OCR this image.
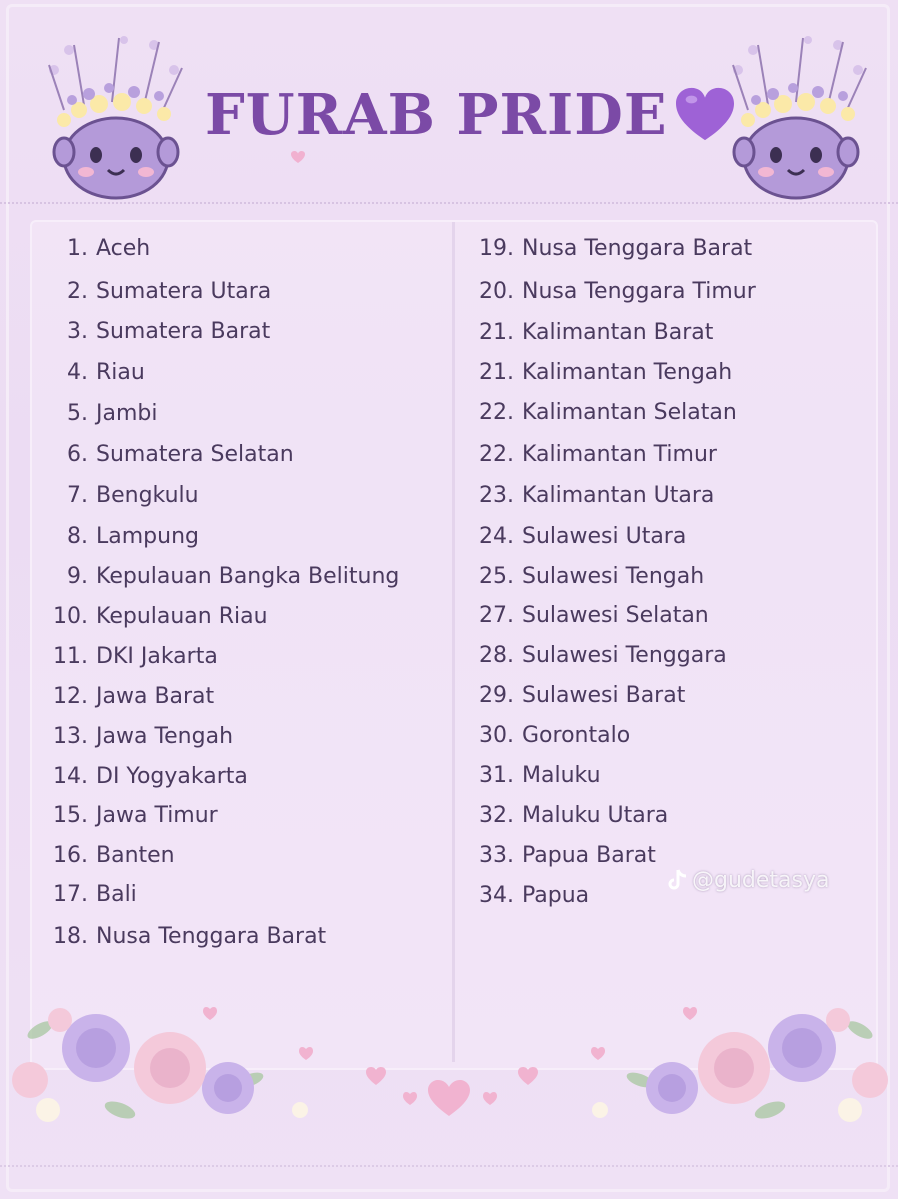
FURAB PRIDE
1. Aceh
2. Sumatera Utara
3. Sumatera Barat
4. Riau
5. Jambi
6. Sumatera Selatan
7. Bengkulu
8. Lampung
9. Kepulauan Bangka Belitung
10. Kepulauan Riau
11. DKI Jakarta
12. Jawa Barat
13. Jawa Tengah
14. DI Yogyakarta
15. Jawa Timur
16. Banten
17. Bali
18. Nusa Tenggara Barat
19. Nusa Tenggara Barat
20. Nusa Tenggara Timur
21. Kalimantan Barat
21. Kalimantan Tengah
22. Kalimantan Selatan
22. Kalimantan Timur
23. Kalimantan Utara
24. Sulawesi Utara
25. Sulawesi Tengah
27. Sulawesi Selatan
28. Sulawesi Tenggara
29. Sulawesi Barat
30. Gorontalo
31. Maluku
32. Maluku Utara
33. Papua Barat
34. Papua
@gudetasya
